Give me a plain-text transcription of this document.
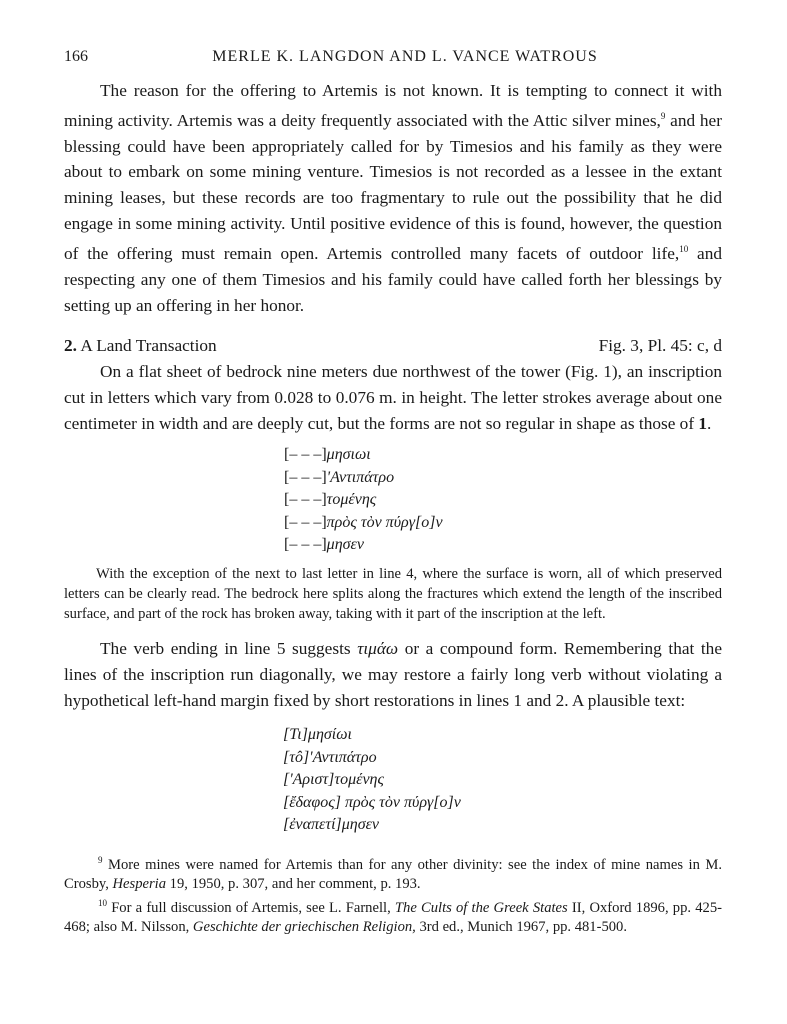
166	MERLE K. LANGDON AND L. VANCE WATROUS

The reason for the offering to Artemis is not known. It is tempting to connect it with mining activity. Artemis was a deity frequently associated with the Attic silver mines,$^9$ and her blessing could have been appropriately called for by Timesios and his family as they were about to embark on some mining venture. Timesios is not recorded as a lessee in the extant mining leases, but these records are too fragmentary to rule out the possibility that he did engage in some mining activity. Until positive evidence of this is found, however, the question of the offering must remain open. Artemis controlled many facets of outdoor life,$^{10}$ and respecting any one of them Timesios and his family could have called forth her blessings by setting up an offering in her honor.

2. A Land Transaction	Fig. 3, Pl. 45: c, d

On a flat sheet of bedrock nine meters due northwest of the tower (Fig. 1), an inscription cut in letters which vary from 0.028 to 0.076 m. in height. The letter strokes average about one centimeter in width and are deeply cut, but the forms are not so regular in shape as those of 1.

[– – –]μησιωι
[– – –]'Αντιπάτρο
[– – –]τομένης
[– – –]πρὸς τὸν πύργ[ο]ν
[– – –]μησεν

With the exception of the next to last letter in line 4, where the surface is worn, all of which preserved letters can be clearly read. The bedrock here splits along the fractures which extend the length of the inscribed surface, and part of the rock has broken away, taking with it part of the inscription at the left.

The verb ending in line 5 suggests τιμάω or a compound form. Remembering that the lines of the inscription run diagonally, we may restore a fairly long verb without violating a hypothetical left-hand margin fixed by short restorations in lines 1 and 2. A plausible text:

[Τι]μησίωι
[τô]'Αντιπάτρο
['Αριστ]τομένης
[ἔδαφος] πρὸς τὸν πύργ[ο]ν
[ἐναπετί]μησεν

$^9$ More mines were named for Artemis than for any other divinity: see the index of mine names in M. Crosby, Hesperia 19, 1950, p. 307, and her comment, p. 193.

$^{10}$ For a full discussion of Artemis, see L. Farnell, The Cults of the Greek States II, Oxford 1896, pp. 425-468; also M. Nilsson, Geschichte der griechischen Religion, 3rd ed., Munich 1967, pp. 481-500.
